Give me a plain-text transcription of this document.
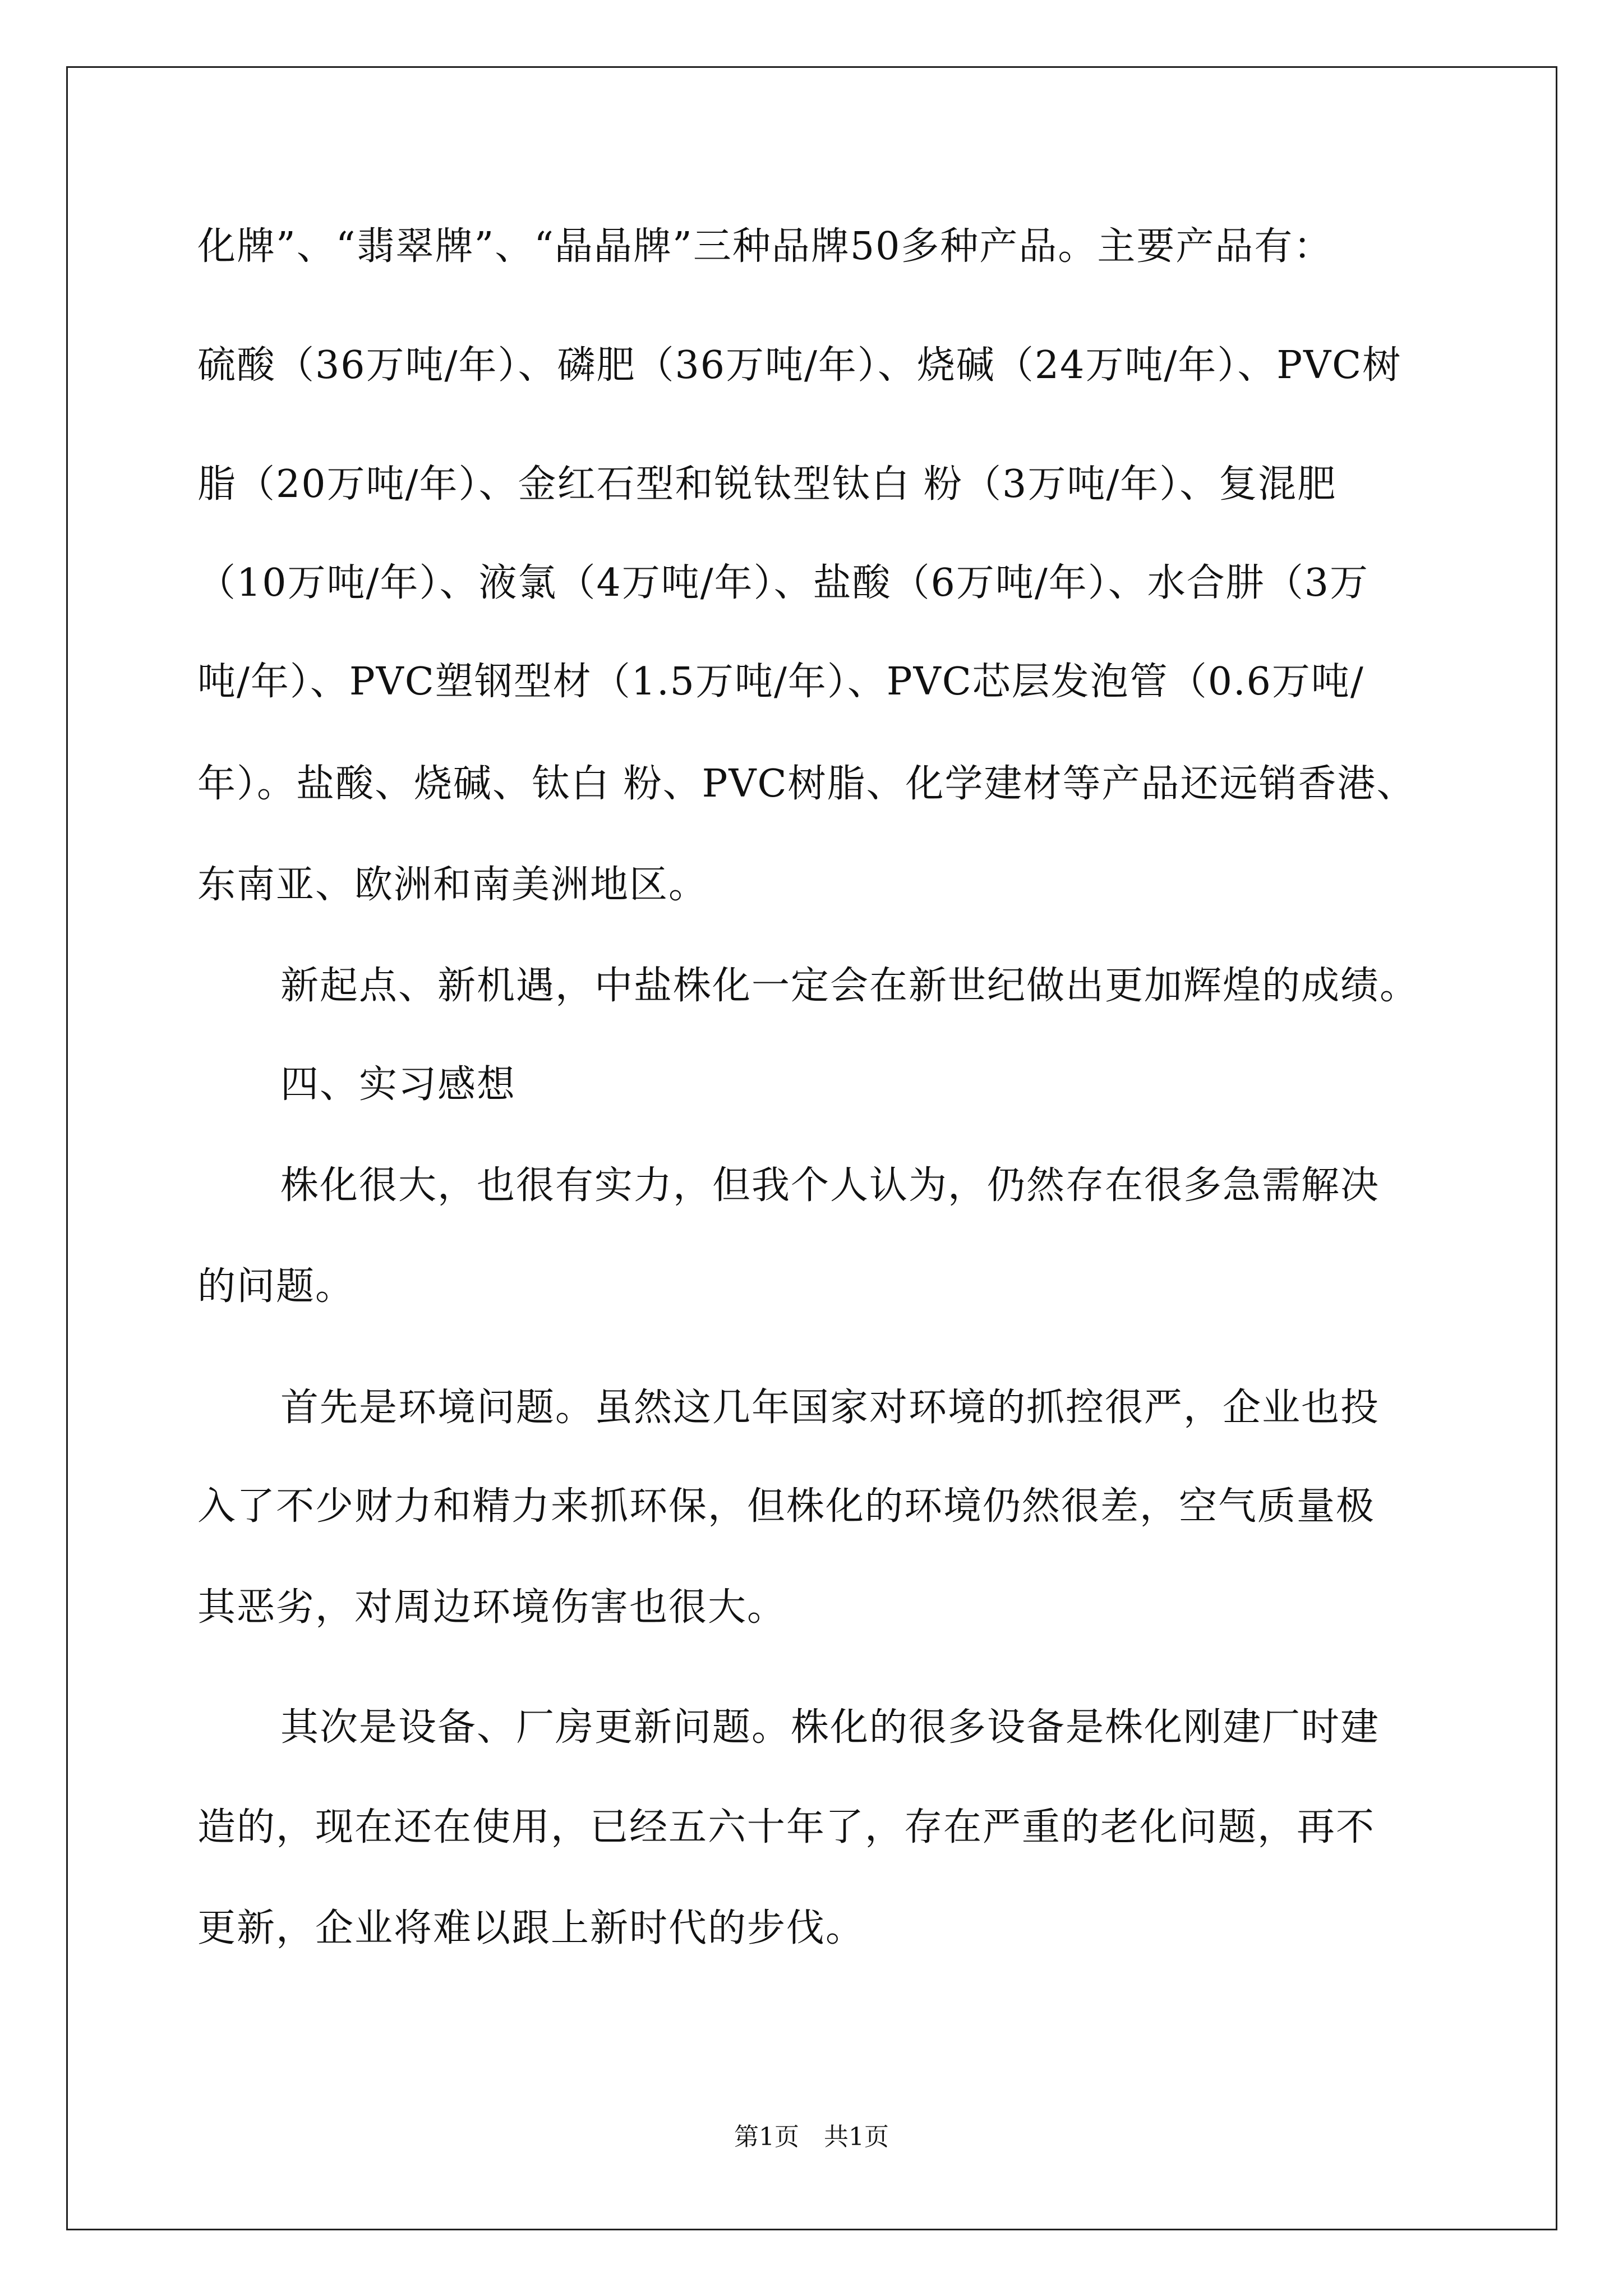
化牌”、“翡翠牌”、“晶晶牌”三种品牌50多种产品。主要产品有：
硫酸（36万吨/年）、磷肥（36万吨/年）、烧碱（24万吨/年）、PVC树
脂（20万吨/年）、金红石型和锐钛型钛白 粉（3万吨/年）、复混肥
（10万吨/年）、液氯（4万吨/年）、盐酸（6万吨/年）、水合肼（3万
吨/年）、PVC塑钢型材（1.5万吨/年）、PVC芯层发泡管（0.6万吨/
年）。盐酸、烧碱、钛白 粉、PVC树脂、化学建材等产品还远销香港、
东南亚、欧洲和南美洲地区。
新起点、新机遇，中盐株化一定会在新世纪做出更加辉煌的成绩。
四、实习感想
株化很大，也很有实力，但我个人认为，仍然存在很多急需解决
的问题。
首先是环境问题。虽然这几年国家对环境的抓控很严，企业也投
入了不少财力和精力来抓环保，但株化的环境仍然很差，空气质量极
其恶劣，对周边环境伤害也很大。
其次是设备、厂房更新问题。株化的很多设备是株化刚建厂时建
造的，现在还在使用，已经五六十年了，存在严重的老化问题，再不
更新，企业将难以跟上新时代的步伐。
第1页　共1页
